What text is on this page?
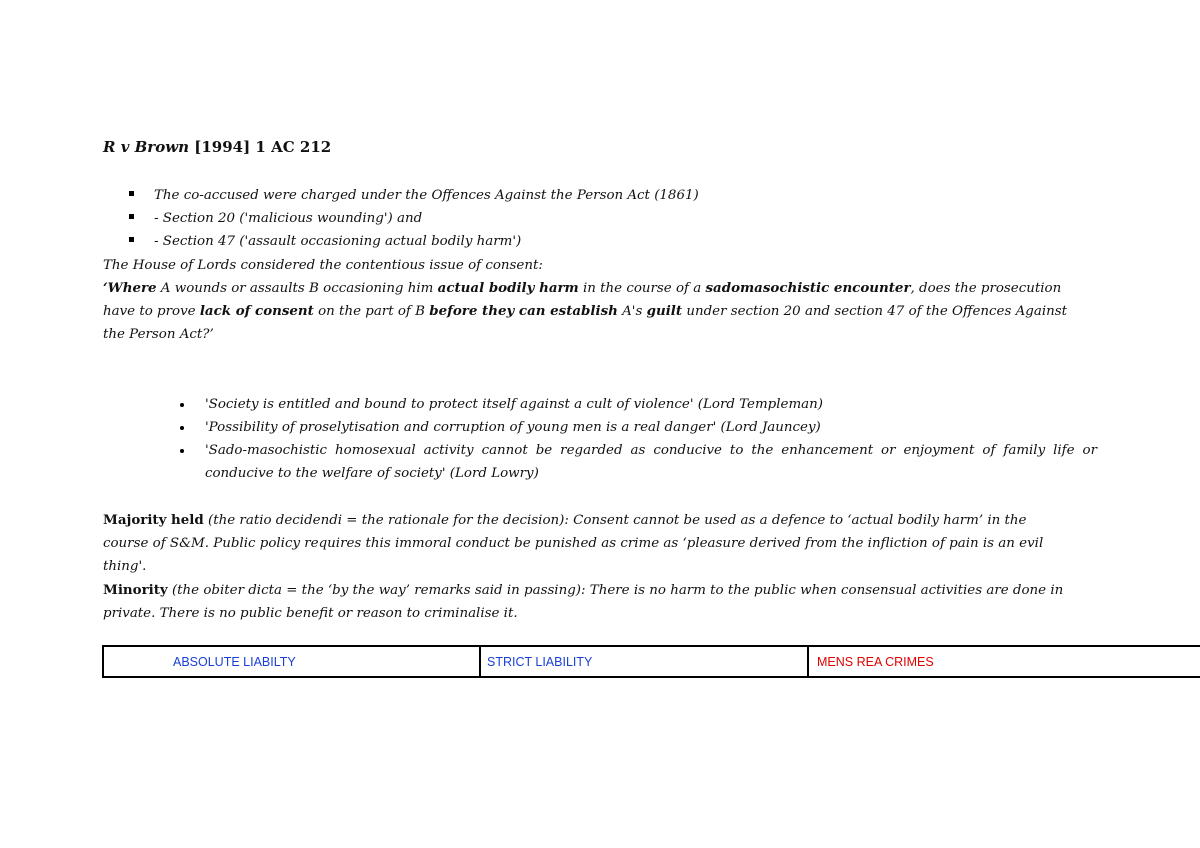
R v Brown [1994] 1 AC 212
The co-accused were charged under the Offences Against the Person Act (1861)
- Section 20 ('malicious wounding') and
- Section 47 ('assault occasioning actual bodily harm')
The House of Lords considered the contentious issue of consent:
‘Where A wounds or assaults B occasioning him actual bodily harm in the course of a sadomasochistic encounter, does the prosecution
have to prove lack of consent on the part of B before they can establish A's guilt under section 20 and section 47 of the Offences Against
the Person Act?’
'Society is entitled and bound to protect itself against a cult of violence' (Lord Templeman)
'Possibility of proselytisation and corruption of young men is a real danger' (Lord Jauncey)
'Sado-masochistic homosexual activity cannot be regarded as conducive to the enhancement or enjoyment of family life or
conducive to the welfare of society' (Lord Lowry)
Majority held (the ratio decidendi = the rationale for the decision): Consent cannot be used as a defence to ‘actual bodily harm’ in the
course of S&M. Public policy requires this immoral conduct be punished as crime as ‘pleasure derived from the infliction of pain is an evil
thing'.
Minority (the obiter dicta = the ‘by the way’ remarks said in passing): There is no harm to the public when consensual activities are done in
private. There is no public benefit or reason to criminalise it.
ABSOLUTE LIABILTY	STRICT LIABILITY	MENS REA CRIMES
